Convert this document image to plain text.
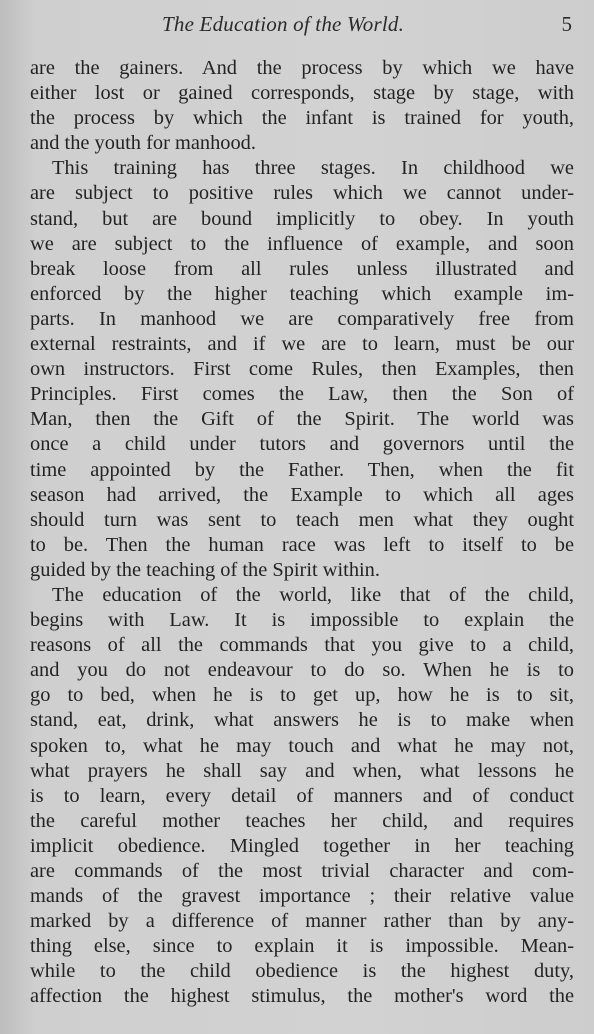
The Education of the World.	5
are the gainers. And the process by which we have
either lost or gained corresponds, stage by stage, with
the process by which the infant is trained for youth,
and the youth for manhood.
This training has three stages. In childhood we
are subject to positive rules which we cannot under-
stand, but are bound implicitly to obey. In youth
we are subject to the influence of example, and soon
break loose from all rules unless illustrated and
enforced by the higher teaching which example im-
parts. In manhood we are comparatively free from
external restraints, and if we are to learn, must be our
own instructors. First come Rules, then Examples, then
Principles. First comes the Law, then the Son of
Man, then the Gift of the Spirit. The world was
once a child under tutors and governors until the
time appointed by the Father. Then, when the fit
season had arrived, the Example to which all ages
should turn was sent to teach men what they ought
to be. Then the human race was left to itself to be
guided by the teaching of the Spirit within.
The education of the world, like that of the child,
begins with Law. It is impossible to explain the
reasons of all the commands that you give to a child,
and you do not endeavour to do so. When he is to
go to bed, when he is to get up, how he is to sit,
stand, eat, drink, what answers he is to make when
spoken to, what he may touch and what he may not,
what prayers he shall say and when, what lessons he
is to learn, every detail of manners and of conduct
the careful mother teaches her child, and requires
implicit obedience. Mingled together in her teaching
are commands of the most trivial character and com-
mands of the gravest importance ; their relative value
marked by a difference of manner rather than by any-
thing else, since to explain it is impossible. Mean-
while to the child obedience is the highest duty,
affection the highest stimulus, the mother's word the
